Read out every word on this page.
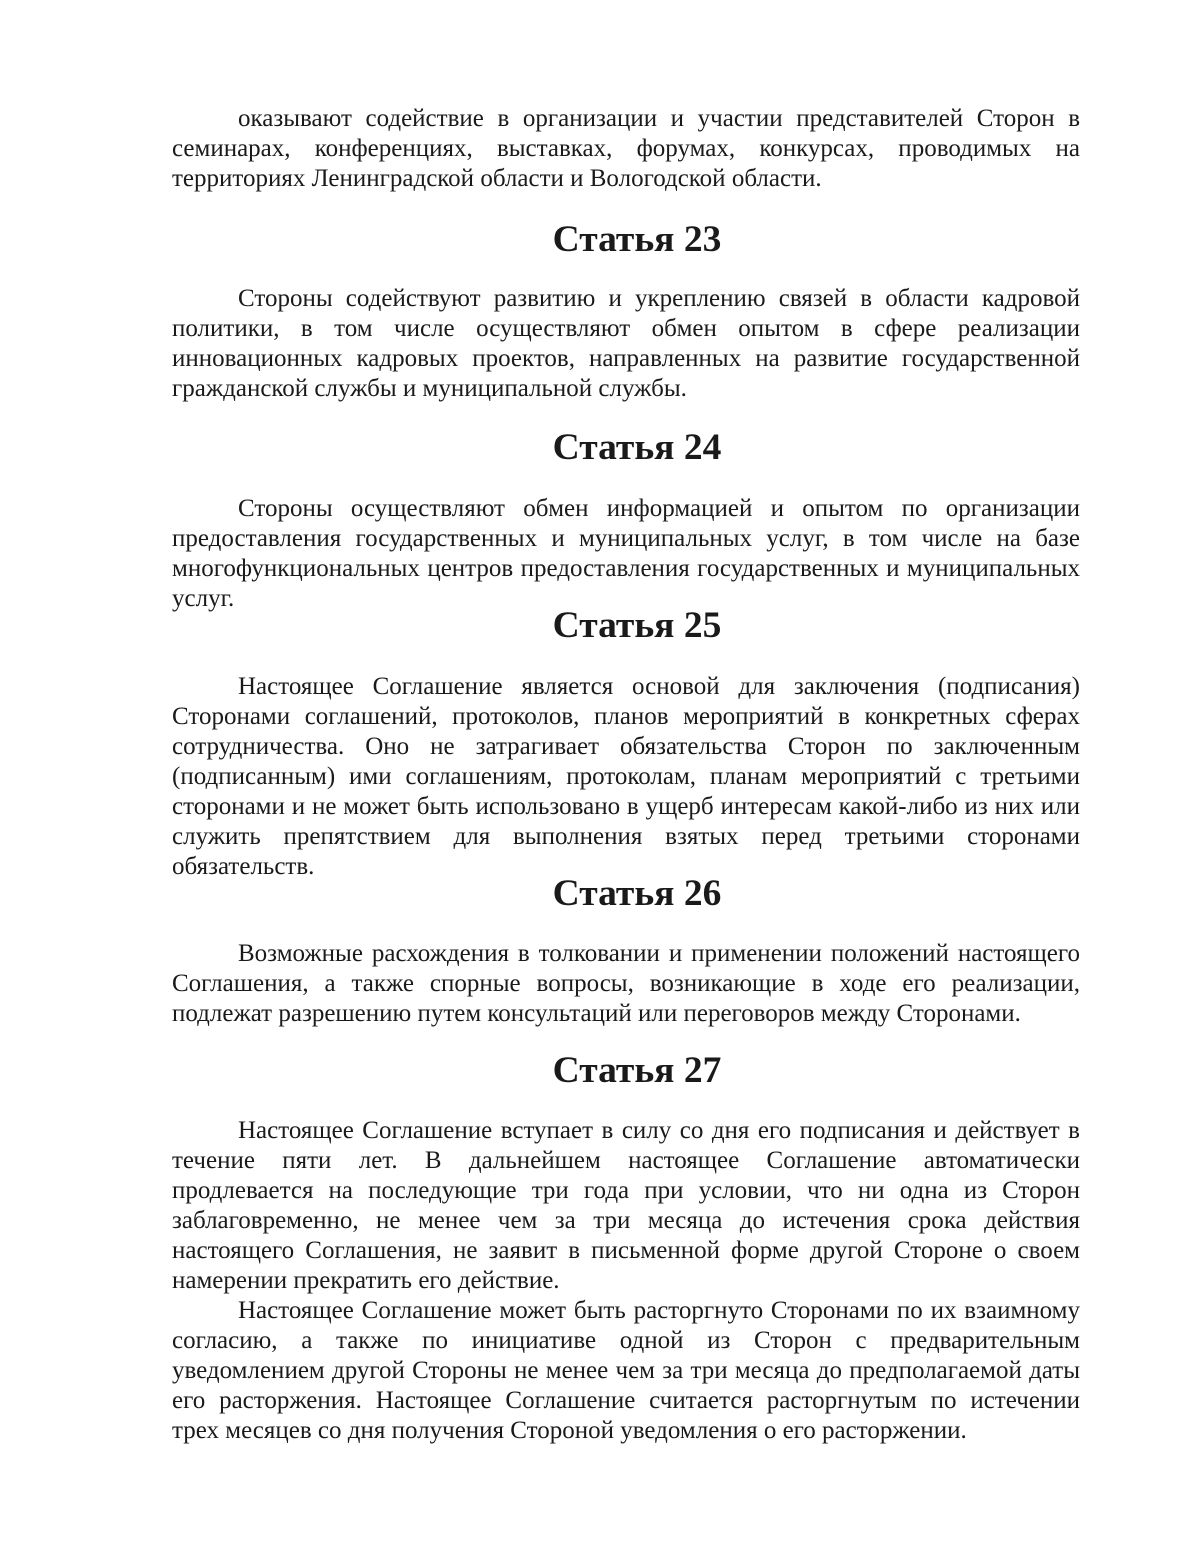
оказывают содействие в организации и участии представителей Сторон в семинарах, конференциях, выставках, форумах, конкурсах, проводимых на территориях Ленинградской области и Вологодской области.

Статья 23

Стороны содействуют развитию и укреплению связей в области кадровой политики, в том числе осуществляют обмен опытом в сфере реализации инновационных кадровых проектов, направленных на развитие государственной гражданской службы и муниципальной службы.

Статья 24

Стороны осуществляют обмен информацией и опытом по организации предоставления государственных и муниципальных услуг, в том числе на базе многофункциональных центров предоставления государственных и муниципальных услуг.

Статья 25

Настоящее Соглашение является основой для заключения (подписания) Сторонами соглашений, протоколов, планов мероприятий в конкретных сферах сотрудничества. Оно не затрагивает обязательства Сторон по заключенным (подписанным) ими соглашениям, протоколам, планам мероприятий с третьими сторонами и не может быть использовано в ущерб интересам какой-либо из них или служить препятствием для выполнения взятых перед третьими сторонами обязательств.

Статья 26

Возможные расхождения в толковании и применении положений настоящего Соглашения, а также спорные вопросы, возникающие в ходе его реализации, подлежат разрешению путем консультаций или переговоров между Сторонами.

Статья 27

Настоящее Соглашение вступает в силу со дня его подписания и действует в течение пяти лет. В дальнейшем настоящее Соглашение автоматически продлевается на последующие три года при условии, что ни одна из Сторон заблаговременно, не менее чем за три месяца до истечения срока действия настоящего Соглашения, не заявит в письменной форме другой Стороне о своем намерении прекратить его действие.

Настоящее Соглашение может быть расторгнуто Сторонами по их взаимному согласию, а также по инициативе одной из Сторон с предварительным уведомлением другой Стороны не менее чем за три месяца до предполагаемой даты его расторжения. Настоящее Соглашение считается расторгнутым по истечении трех месяцев со дня получения Стороной уведомления о его расторжении.
